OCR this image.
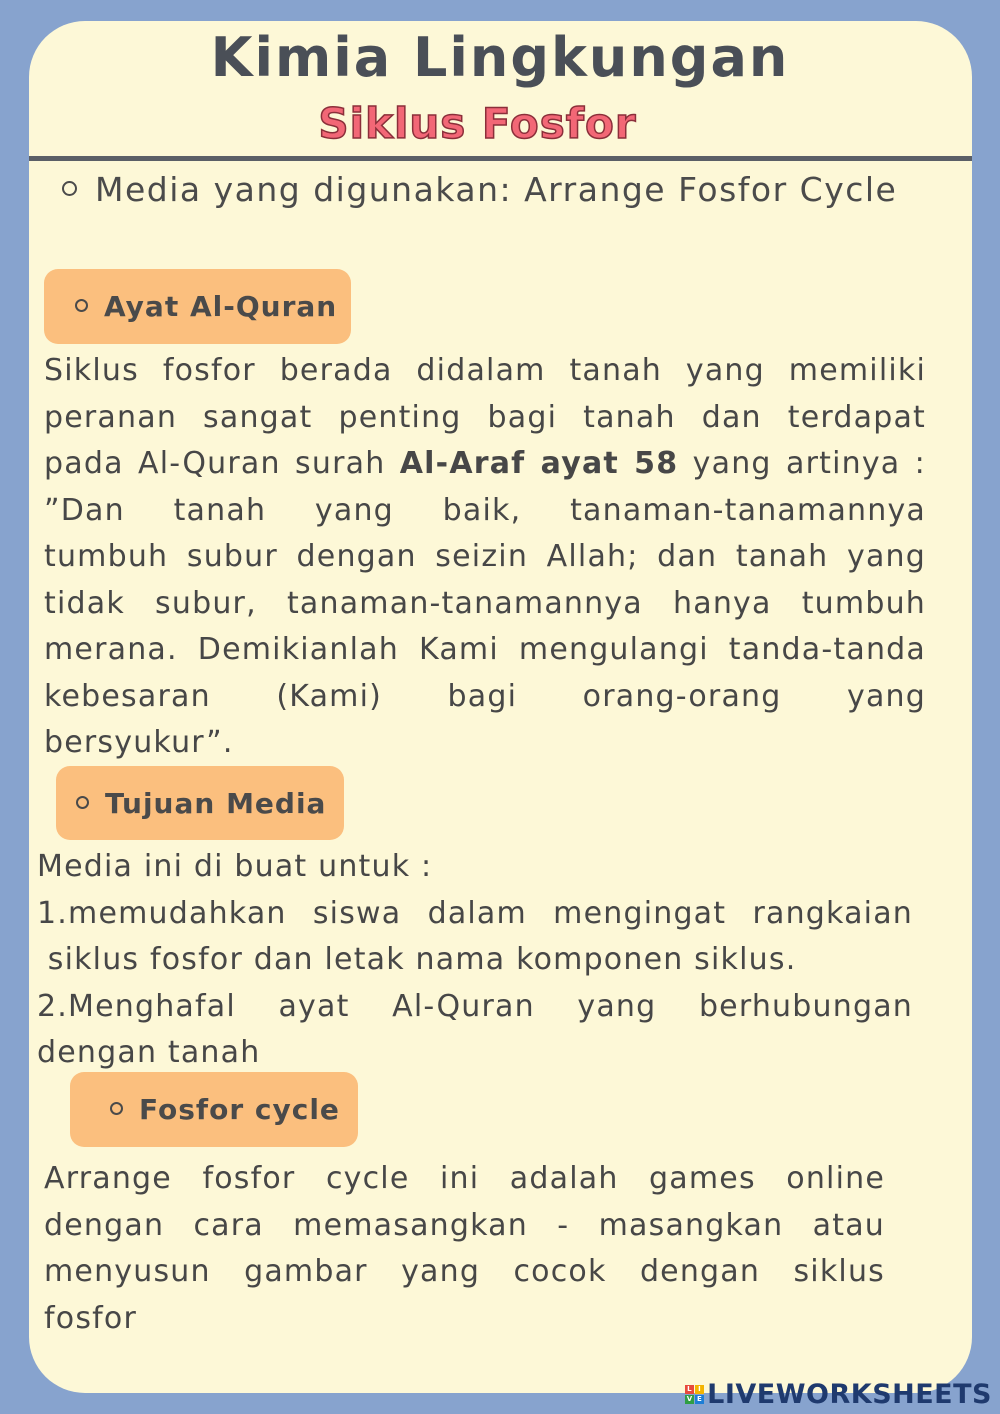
Kimia Lingkungan
Siklus Fosfor
Media yang digunakan: Arrange Fosfor Cycle
Ayat Al-Quran
Siklus fosfor berada didalam tanah yang memiliki
peranan sangat penting bagi tanah dan terdapat
pada Al-Quran surah Al-Araf ayat 58 yang artinya :
”Dan tanah yang baik, tanaman-tanamannya
tumbuh subur dengan seizin Allah; dan tanah yang
tidak subur, tanaman-tanamannya hanya tumbuh
merana. Demikianlah Kami mengulangi tanda-tanda
kebesaran (Kami) bagi orang-orang yang
bersyukur”.
Tujuan Media
Media ini di buat untuk :
1.memudahkan siswa dalam mengingat rangkaian
siklus fosfor dan letak nama komponen siklus.
2.Menghafal ayat Al-Quran yang berhubungan
dengan tanah
Fosfor cycle
Arrange fosfor cycle ini adalah games online
dengan cara memasangkan - masangkan atau
menyusun gambar yang cocok dengan siklus
fosfor
L I
V E LIVEWORKSHEETS
